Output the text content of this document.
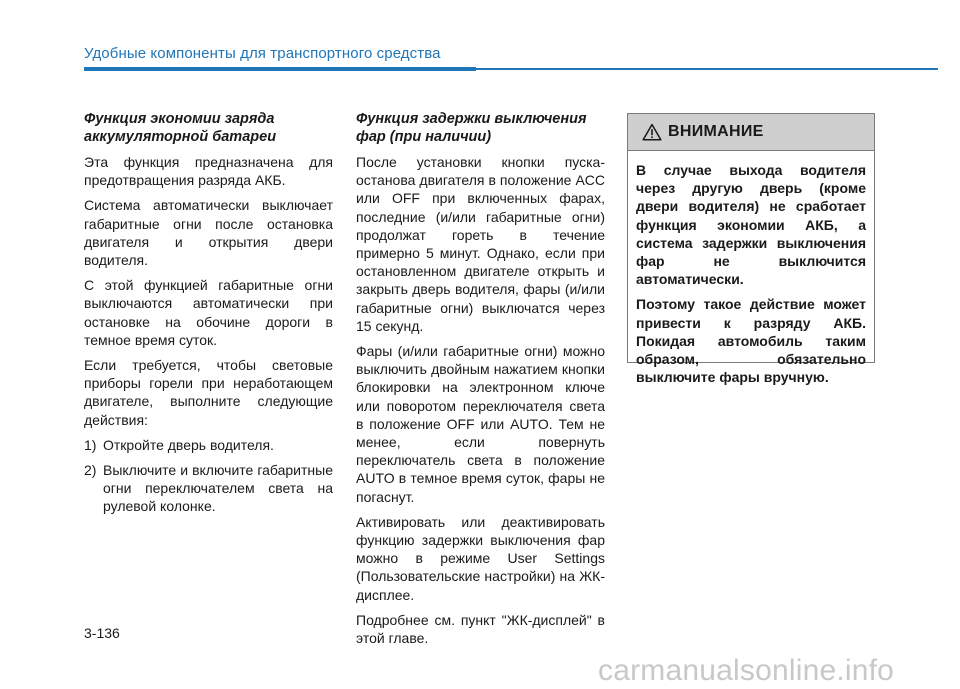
Удобные компоненты для транспортного средства
Функция экономии заряда аккумуляторной батареи

Эта функция предназначена для предотвращения разряда АКБ.

Система автоматически выключает габаритные огни после остановка двигателя и открытия двери водителя.

С этой функцией габаритные огни выключаются автоматически при остановке на обочине дороги в темное время суток.

Если требуется, чтобы световые приборы горели при неработающем двигателе, выполните следующие действия:

1) Откройте дверь водителя.
2) Выключите и включите габаритные огни переключателем света на рулевой колонке.
Функция задержки выключения фар (при наличии)

После установки кнопки пуска-останова двигателя в положение ACC или OFF при включенных фарах, последние (и/или габаритные огни) продолжат гореть в течение примерно 5 минут. Однако, если при остановленном двигателе открыть и закрыть дверь водителя, фары (и/или габаритные огни) выключатся через 15 секунд.

Фары (и/или габаритные огни) можно выключить двойным нажатием кнопки блокировки на электронном ключе или поворотом переключателя света в положение OFF или AUTO. Тем не менее, если повернуть переключатель света в положение AUTO в темное время суток, фары не погаснут.

Активировать или деактивировать функцию задержки выключения фар можно в режиме User Settings (Пользовательские настройки) на ЖК-дисплее.

Подробнее см. пункт "ЖК-дисплей" в этой главе.

ВНИМАНИЕ

В случае выхода водителя через другую дверь (кроме двери водителя) не сработает функция экономии АКБ, а система задержки выключения фар не выключится автоматически.

Поэтому такое действие может привести к разряду АКБ. Покидая автомобиль таким образом, обязательно выключите фары вручную.

3-136
carmanualsonline.info
